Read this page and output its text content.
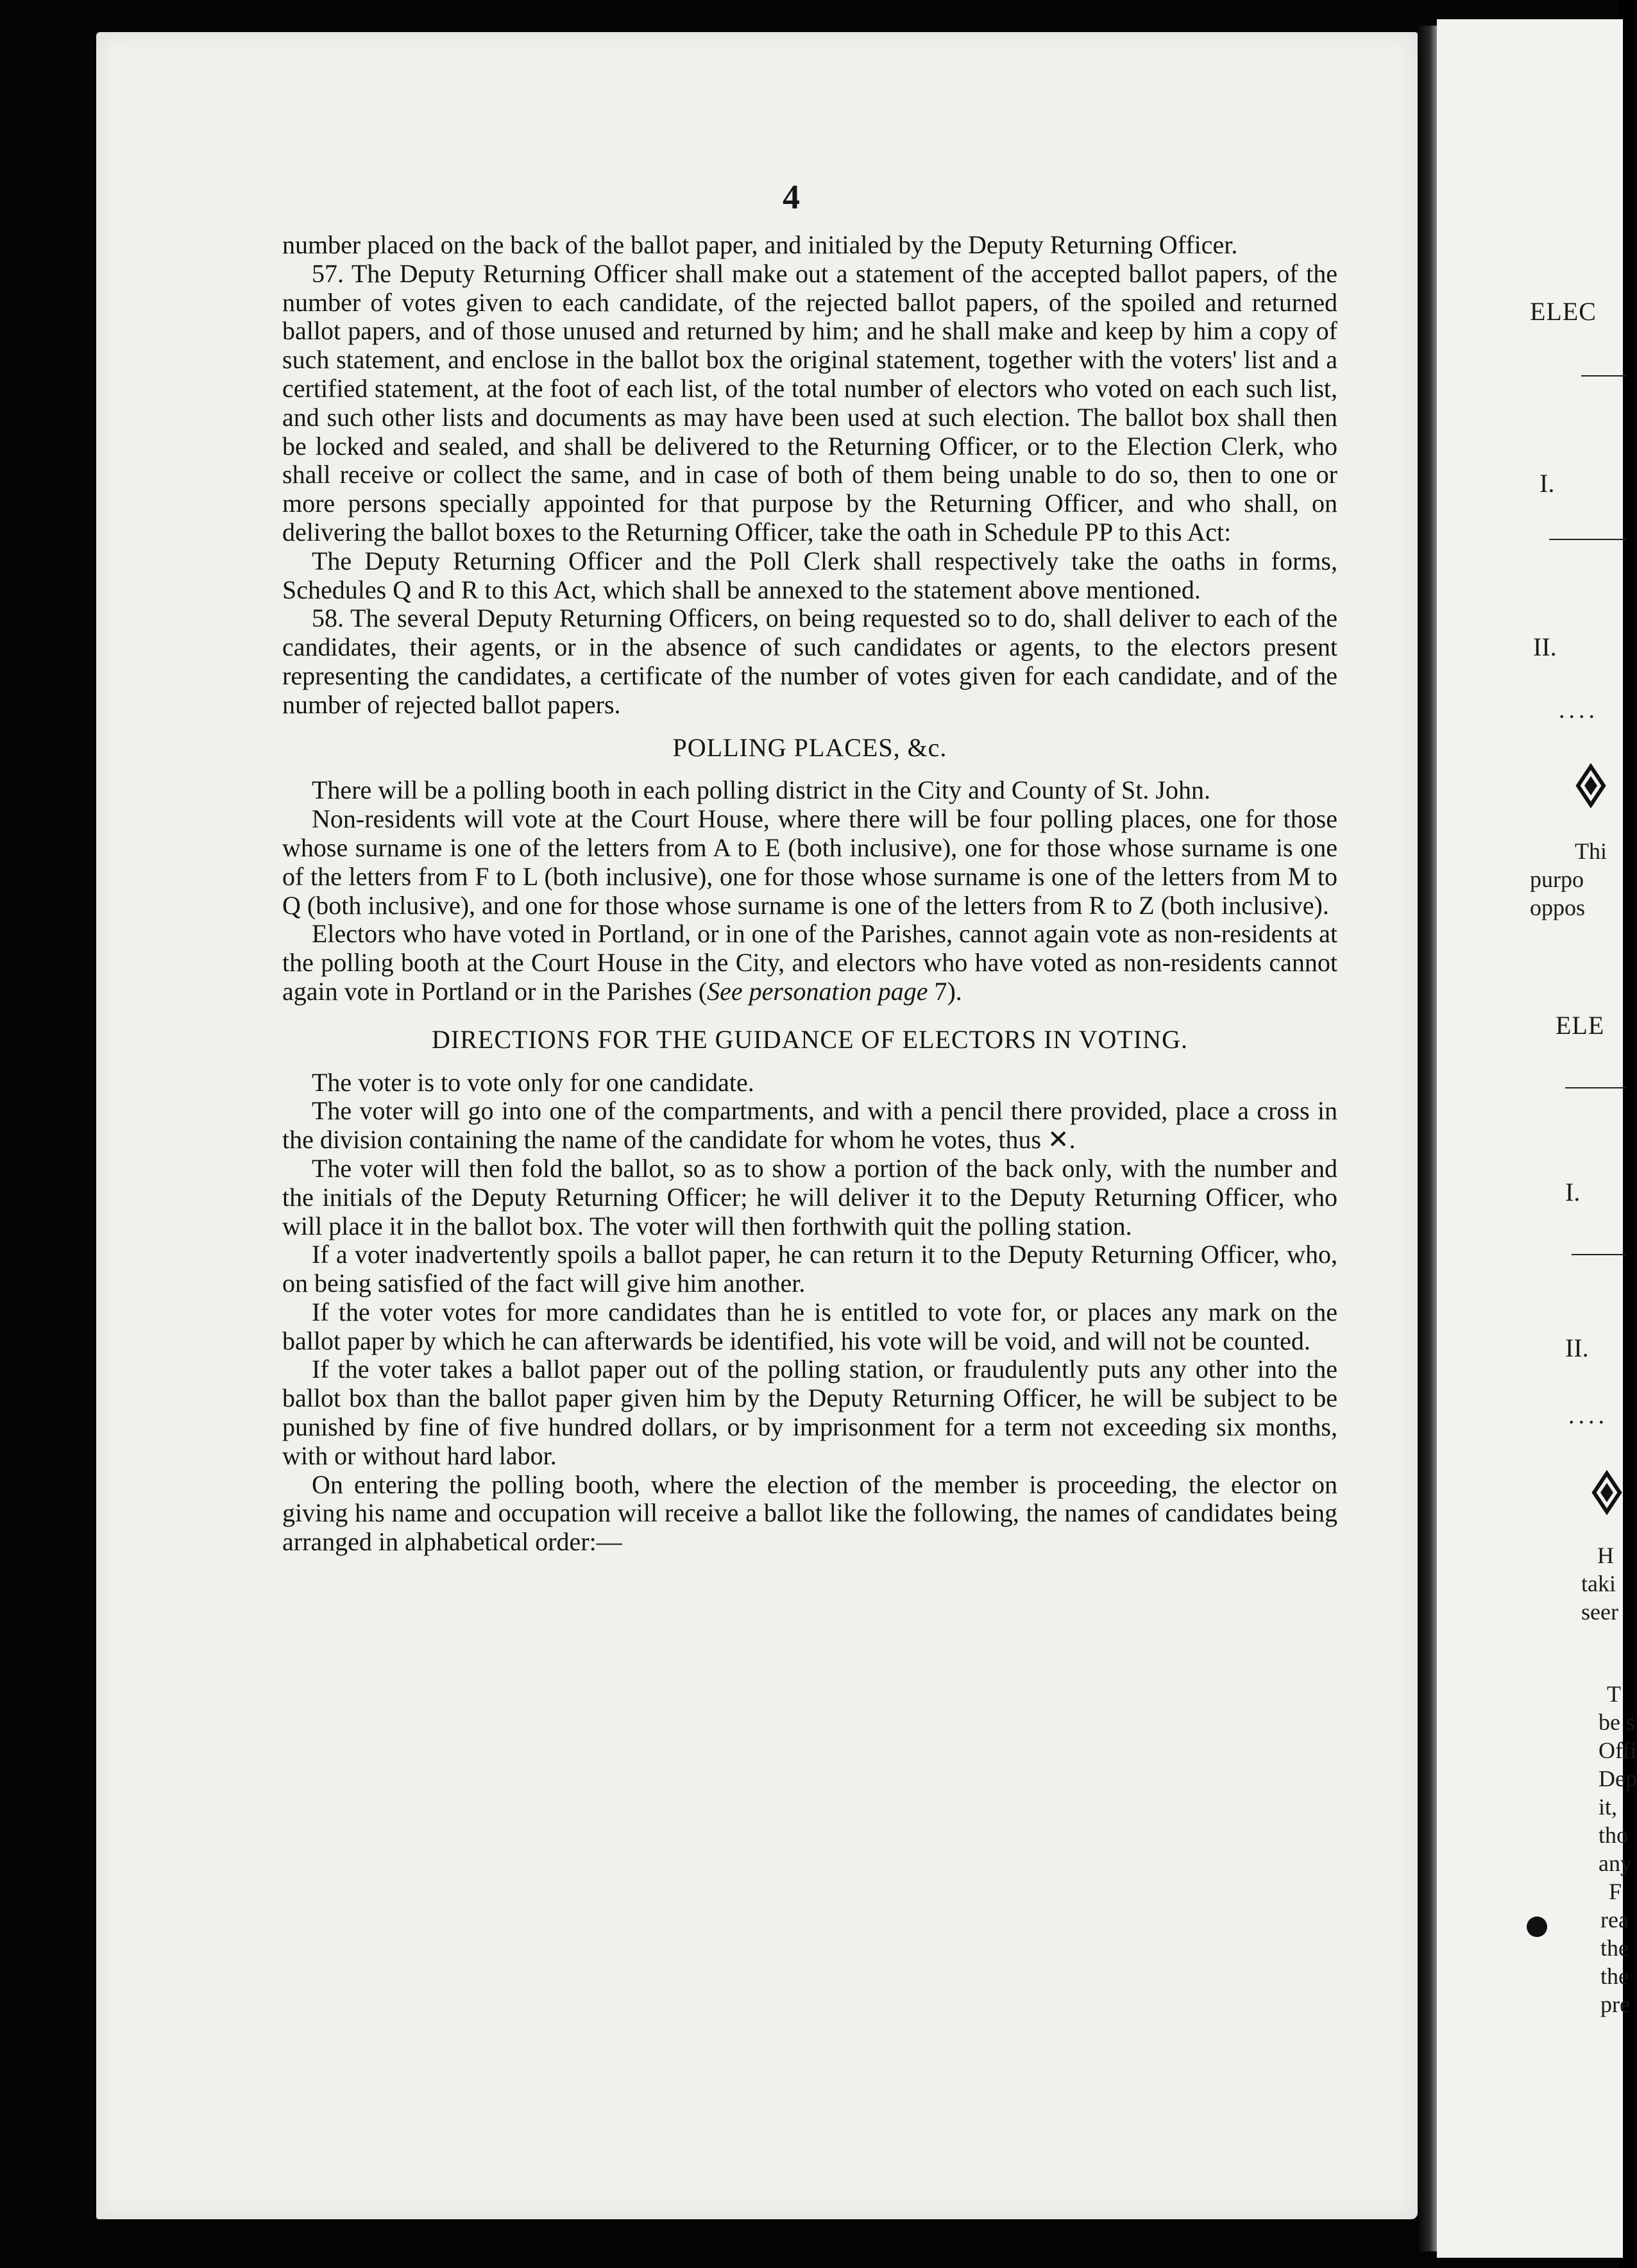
4

number placed on the back of the ballot paper, and initialed by the Deputy Returning Officer.

57. The Deputy Returning Officer shall make out a statement of the accepted ballot papers, of the number of votes given to each candidate, of the rejected ballot papers, of the spoiled and returned ballot papers, and of those unused and returned by him; and he shall make and keep by him a copy of such statement, and enclose in the ballot box the original statement, together with the voters' list and a certified statement, at the foot of each list, of the total number of electors who voted on each such list, and such other lists and documents as may have been used at such election. The ballot box shall then be locked and sealed, and shall be delivered to the Returning Officer, or to the Election Clerk, who shall receive or collect the same, and in case of both of them being unable to do so, then to one or more persons specially appointed for that purpose by the Returning Officer, and who shall, on delivering the ballot boxes to the Returning Officer, take the oath in Schedule PP to this Act:

The Deputy Returning Officer and the Poll Clerk shall respectively take the oaths in forms, Schedules Q and R to this Act, which shall be annexed to the statement above mentioned.

58. The several Deputy Returning Officers, on being requested so to do, shall deliver to each of the candidates, their agents, or in the absence of such candidates or agents, to the electors present representing the candidates, a certificate of the number of votes given for each candidate, and of the number of rejected ballot papers.

POLLING PLACES, &c.

There will be a polling booth in each polling district in the City and County of St. John.

Non-residents will vote at the Court House, where there will be four polling places, one for those whose surname is one of the letters from A to E (both inclusive), one for those whose surname is one of the letters from F to L (both inclusive), one for those whose surname is one of the letters from M to Q (both inclusive), and one for those whose surname is one of the letters from R to Z (both inclusive).

Electors who have voted in Portland, or in one of the Parishes, cannot again vote as non-residents at the polling booth at the Court House in the City, and electors who have voted as non-residents cannot again vote in Portland or in the Parishes (See personation page 7).

DIRECTIONS FOR THE GUIDANCE OF ELECTORS IN VOTING.

The voter is to vote only for one candidate.

The voter will go into one of the compartments, and with a pencil there provided, place a cross in the division containing the name of the candidate for whom he votes, thus ✕.

The voter will then fold the ballot, so as to show a portion of the back only, with the number and the initials of the Deputy Returning Officer; he will deliver it to the Deputy Returning Officer, who will place it in the ballot box. The voter will then forthwith quit the polling station.

If a voter inadvertently spoils a ballot paper, he can return it to the Deputy Returning Officer, who, on being satisfied of the fact will give him another.

If the voter votes for more candidates than he is entitled to vote for, or places any mark on the ballot paper by which he can afterwards be identified, his vote will be void, and will not be counted.

If the voter takes a ballot paper out of the polling station, or fraudulently puts any other into the ballot box than the ballot paper given him by the Deputy Returning Officer, he will be subject to be punished by fine of five hundred dollars, or by imprisonment for a term not exceeding six months, with or without hard labor.

On entering the polling booth, where the election of the member is proceeding, the elector on giving his name and occupation will receive a ballot like the following, the names of candidates being arranged in alphabetical order:—

ELEC
I.
II.
....
Thi
purpo
oppos
ELE
I.
II.
....
H
taki
seer
T
be s
Offi
Dep
it,
tho
any
F
rea
the
the
pre
